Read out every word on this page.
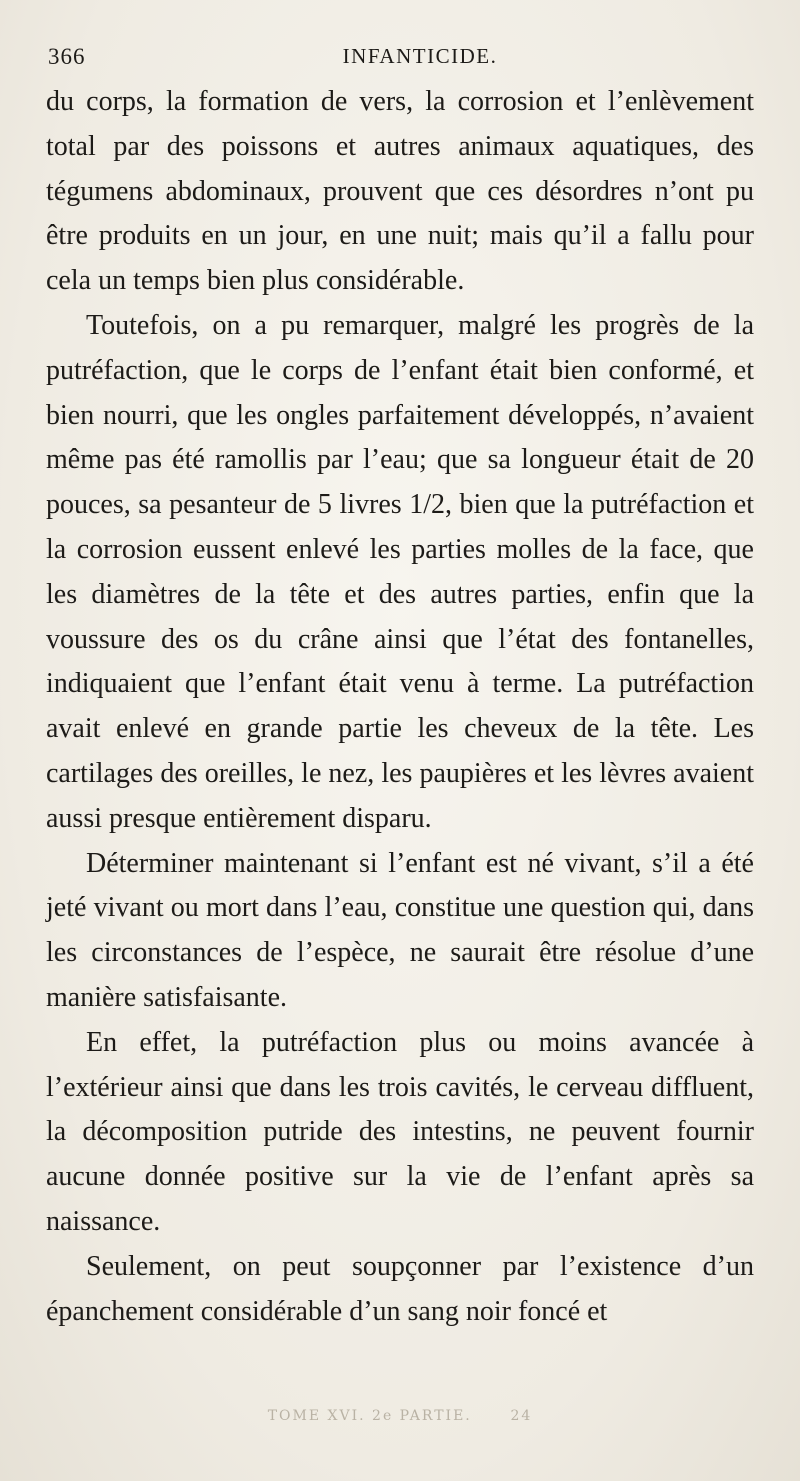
366	INFANTICIDE.

du corps, la formation de vers, la corrosion et l’enlèvement total par des poissons et autres animaux aquatiques, des tégumens abdominaux, prouvent que ces désordres n’ont pu être produits en un jour, en une nuit; mais qu’il a fallu pour cela un temps bien plus considérable.

Toutefois, on a pu remarquer, malgré les progrès de la putréfaction, que le corps de l’enfant était bien conformé, et bien nourri, que les ongles parfaitement développés, n’avaient même pas été ramollis par l’eau; que sa longueur était de 20 pouces, sa pesanteur de 5 livres 1/2, bien que la putréfaction et la corrosion eussent enlevé les parties molles de la face, que les diamètres de la tête et des autres parties, enfin que la voussure des os du crâne ainsi que l’état des fontanelles, indiquaient que l’enfant était venu à terme. La putréfaction avait enlevé en grande partie les cheveux de la tête. Les cartilages des oreilles, le nez, les paupières et les lèvres avaient aussi presque entièrement disparu.

Déterminer maintenant si l’enfant est né vivant, s’il a été jeté vivant ou mort dans l’eau, constitue une question qui, dans les circonstances de l’espèce, ne saurait être résolue d’une manière satisfaisante.

En effet, la putréfaction plus ou moins avancée à l’extérieur ainsi que dans les trois cavités, le cerveau diffluent, la décomposition putride des intestins, ne peuvent fournir aucune donnée positive sur la vie de l’enfant après sa naissance.

Seulement, on peut soupçonner par l’existence d’un épanchement considérable d’un sang noir foncé et

TOME XVI. 2e PARTIE.	24
